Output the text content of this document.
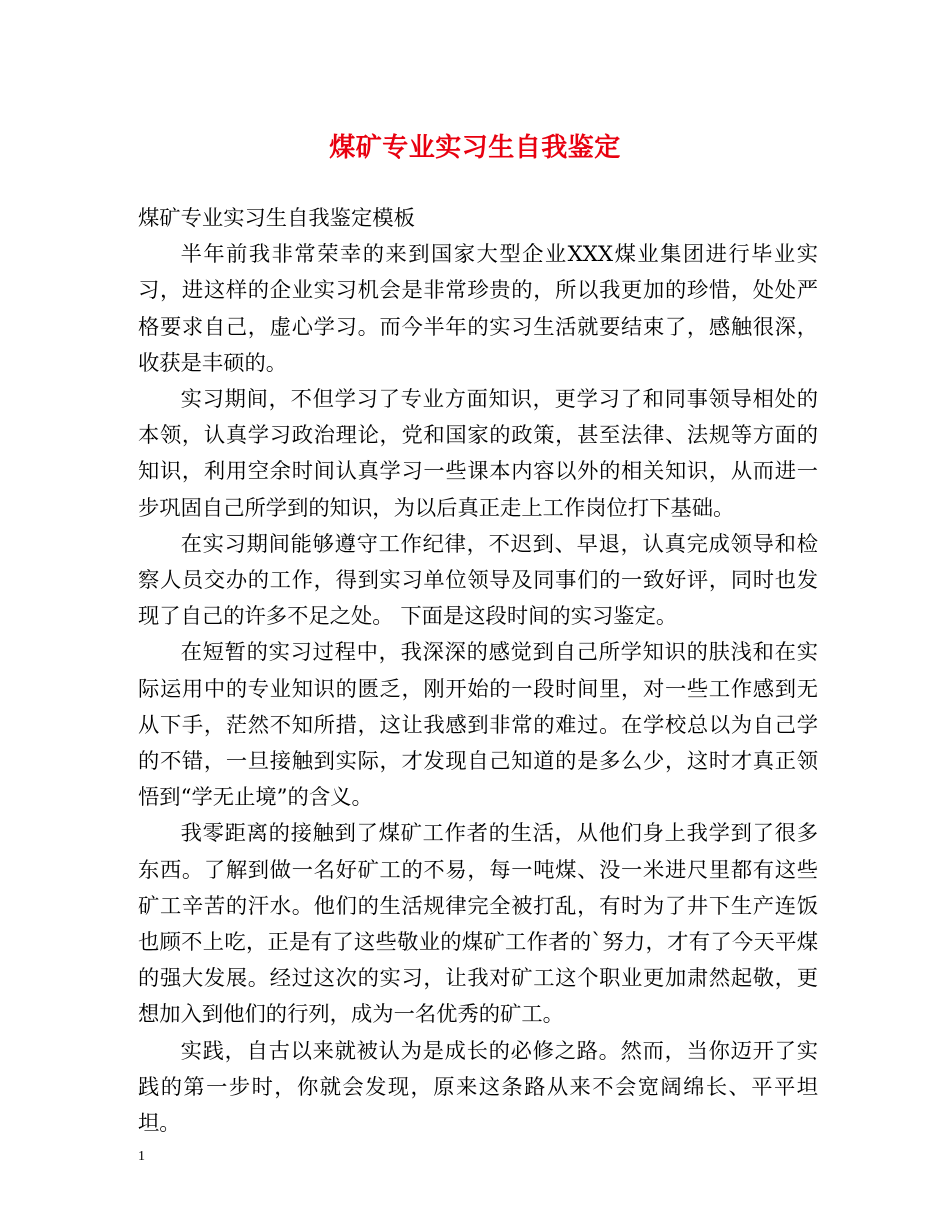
煤矿专业实习生自我鉴定

煤矿专业实习生自我鉴定模板

半年前我非常荣幸的来到国家大型企业XXX煤业集团进行毕业实习，进这样的企业实习机会是非常珍贵的，所以我更加的珍惜，处处严格要求自己，虚心学习。而今半年的实习生活就要结束了，感触很深，收获是丰硕的。

实习期间，不但学习了专业方面知识，更学习了和同事领导相处的本领，认真学习政治理论，党和国家的政策，甚至法律、法规等方面的知识，利用空余时间认真学习一些课本内容以外的相关知识，从而进一步巩固自己所学到的知识，为以后真正走上工作岗位打下基础。

在实习期间能够遵守工作纪律，不迟到、早退，认真完成领导和检察人员交办的工作，得到实习单位领导及同事们的一致好评，同时也发现了自己的许多不足之处。 下面是这段时间的实习鉴定。

在短暂的实习过程中，我深深的感觉到自己所学知识的肤浅和在实际运用中的专业知识的匮乏，刚开始的一段时间里，对一些工作感到无从下手，茫然不知所措，这让我感到非常的难过。在学校总以为自己学的不错，一旦接触到实际，才发现自己知道的是多么少，这时才真正领悟到“学无止境”的含义。

我零距离的接触到了煤矿工作者的生活，从他们身上我学到了很多东西。了解到做一名好矿工的不易，每一吨煤、没一米进尺里都有这些矿工辛苦的汗水。他们的生活规律完全被打乱，有时为了井下生产连饭也顾不上吃，正是有了这些敬业的煤矿工作者的`努力，才有了今天平煤的强大发展。经过这次的实习，让我对矿工这个职业更加肃然起敬，更想加入到他们的行列，成为一名优秀的矿工。

实践，自古以来就被认为是成长的必修之路。然而，当你迈开了实践的第一步时，你就会发现，原来这条路从来不会宽阔绵长、平平坦坦。

1
